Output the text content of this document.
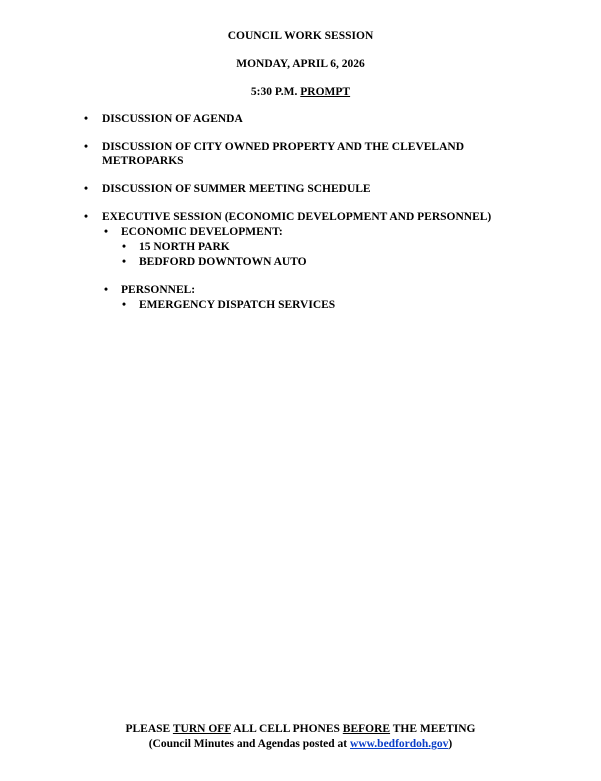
COUNCIL WORK SESSION
MONDAY, APRIL 6, 2026
5:30 P.M. PROMPT
• DISCUSSION OF AGENDA
• DISCUSSION OF CITY OWNED PROPERTY AND THE CLEVELAND
METROPARKS
• DISCUSSION OF SUMMER MEETING SCHEDULE
• EXECUTIVE SESSION (ECONOMIC DEVELOPMENT AND PERSONNEL)
• ECONOMIC DEVELOPMENT:
• 15 NORTH PARK
• BEDFORD DOWNTOWN AUTO
• PERSONNEL:
• EMERGENCY DISPATCH SERVICES
PLEASE TURN OFF ALL CELL PHONES BEFORE THE MEETING
(Council Minutes and Agendas posted at www.bedfordoh.gov)
